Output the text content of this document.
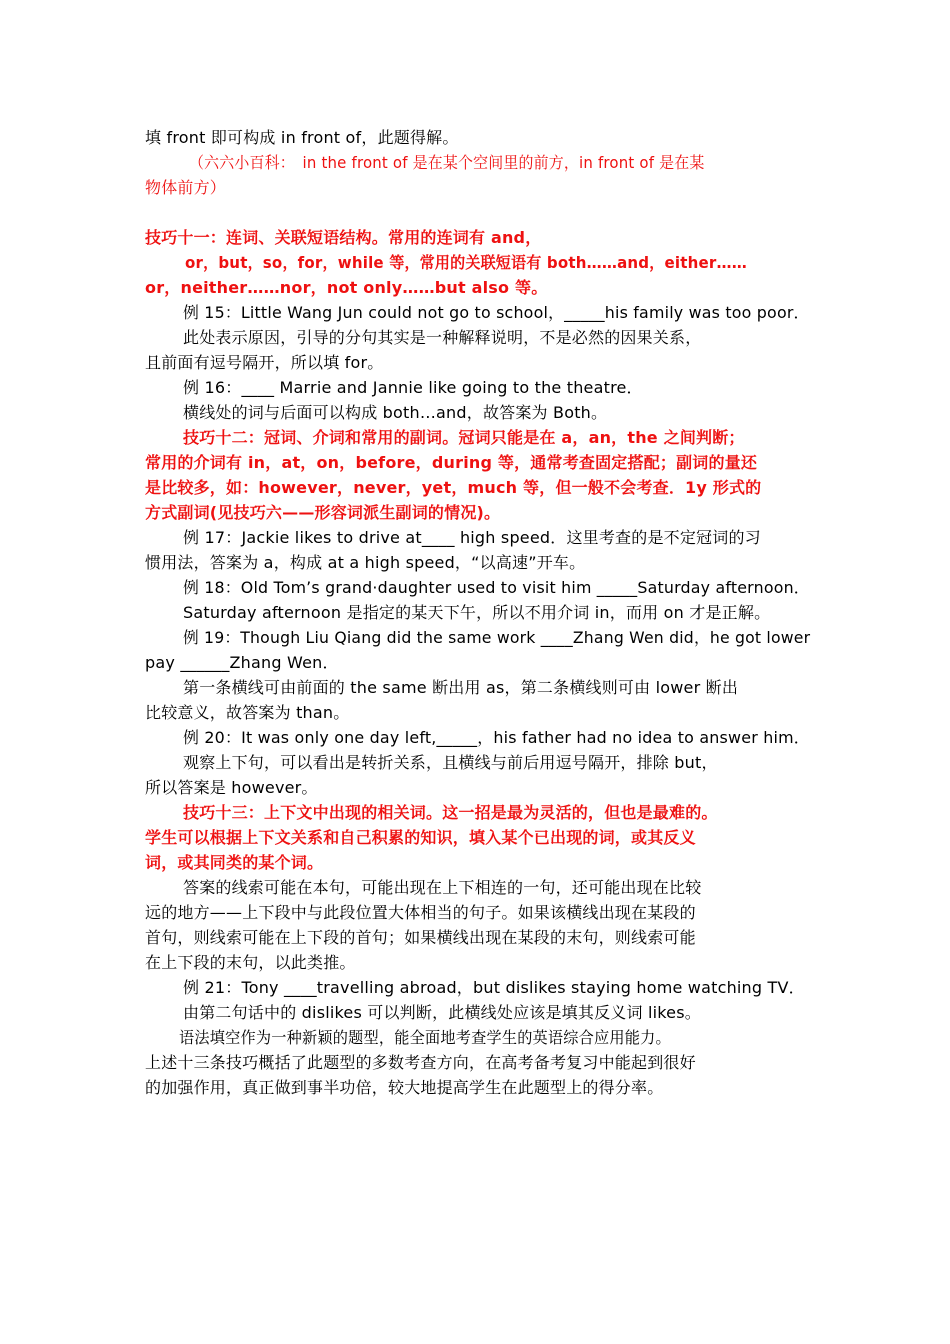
填 front 即可构成 in front of，此题得解。
（六六小百科：　in the front of 是在某个空间里的前方，in front of 是在某
物体前方）
技巧十一：连词、关联短语结构。常用的连词有 and，
or，but，so，for，while 等，常用的关联短语有 both……and，either……
or，neither……nor，not only……but also 等。
例 15：Little Wang Jun could not go to school，_____his family was too poor．
此处表示原因，引导的分句其实是一种解释说明，不是必然的因果关系，
且前面有逗号隔开，所以填 for。
例 16：____ Marrie and Jannie like going to the theatre．
横线处的词与后面可以构成 both…and，故答案为 Both。
技巧十二：冠词、介词和常用的副词。冠词只能是在 a，an，the 之间判断；
常用的介词有 in，at，on，before，during 等，通常考查固定搭配；副词的量还
是比较多，如：however，never，yet，much 等，但一般不会考查．1y 形式的
方式副词(见技巧六——形容词派生副词的情况)。
例 17：Jackie likes to drive at____ high speed．这里考查的是不定冠词的习
惯用法，答案为 a，构成 at a high speed，“以高速”开车。
例 18：Old Tom’s grand·daughter used to visit him _____Saturday afternoon．
Saturday afternoon 是指定的某天下午，所以不用介词 in，而用 on 才是正解。
例 19：Though Liu Qiang did the same work ____Zhang Wen did，he got lower
pay ______Zhang Wen．
第一条横线可由前面的 the same 断出用 as，第二条横线则可由 lower 断出
比较意义，故答案为 than。
例 20：It was only one day left,_____，his father had no idea to answer him．
观察上下句，可以看出是转折关系，且横线与前后用逗号隔开，排除 but，
所以答案是 however。
技巧十三：上下文中出现的相关词。这一招是最为灵活的，但也是最难的。
学生可以根据上下文关系和自己积累的知识，填入某个已出现的词，或其反义
词，或其同类的某个词。
答案的线索可能在本句，可能出现在上下相连的一句，还可能出现在比较
远的地方——上下段中与此段位置大体相当的句子。如果该横线出现在某段的
首句，则线索可能在上下段的首句；如果横线出现在某段的末句，则线索可能
在上下段的末句，以此类推。
例 21：Tony ____travelling abroad，but dislikes staying home watching TV．
由第二句话中的 dislikes 可以判断，此横线处应该是填其反义词 likes。
语法填空作为一种新颖的题型，能全面地考查学生的英语综合应用能力。
上述十三条技巧概括了此题型的多数考查方向，在高考备考复习中能起到很好
的加强作用，真正做到事半功倍，较大地提高学生在此题型上的得分率。
